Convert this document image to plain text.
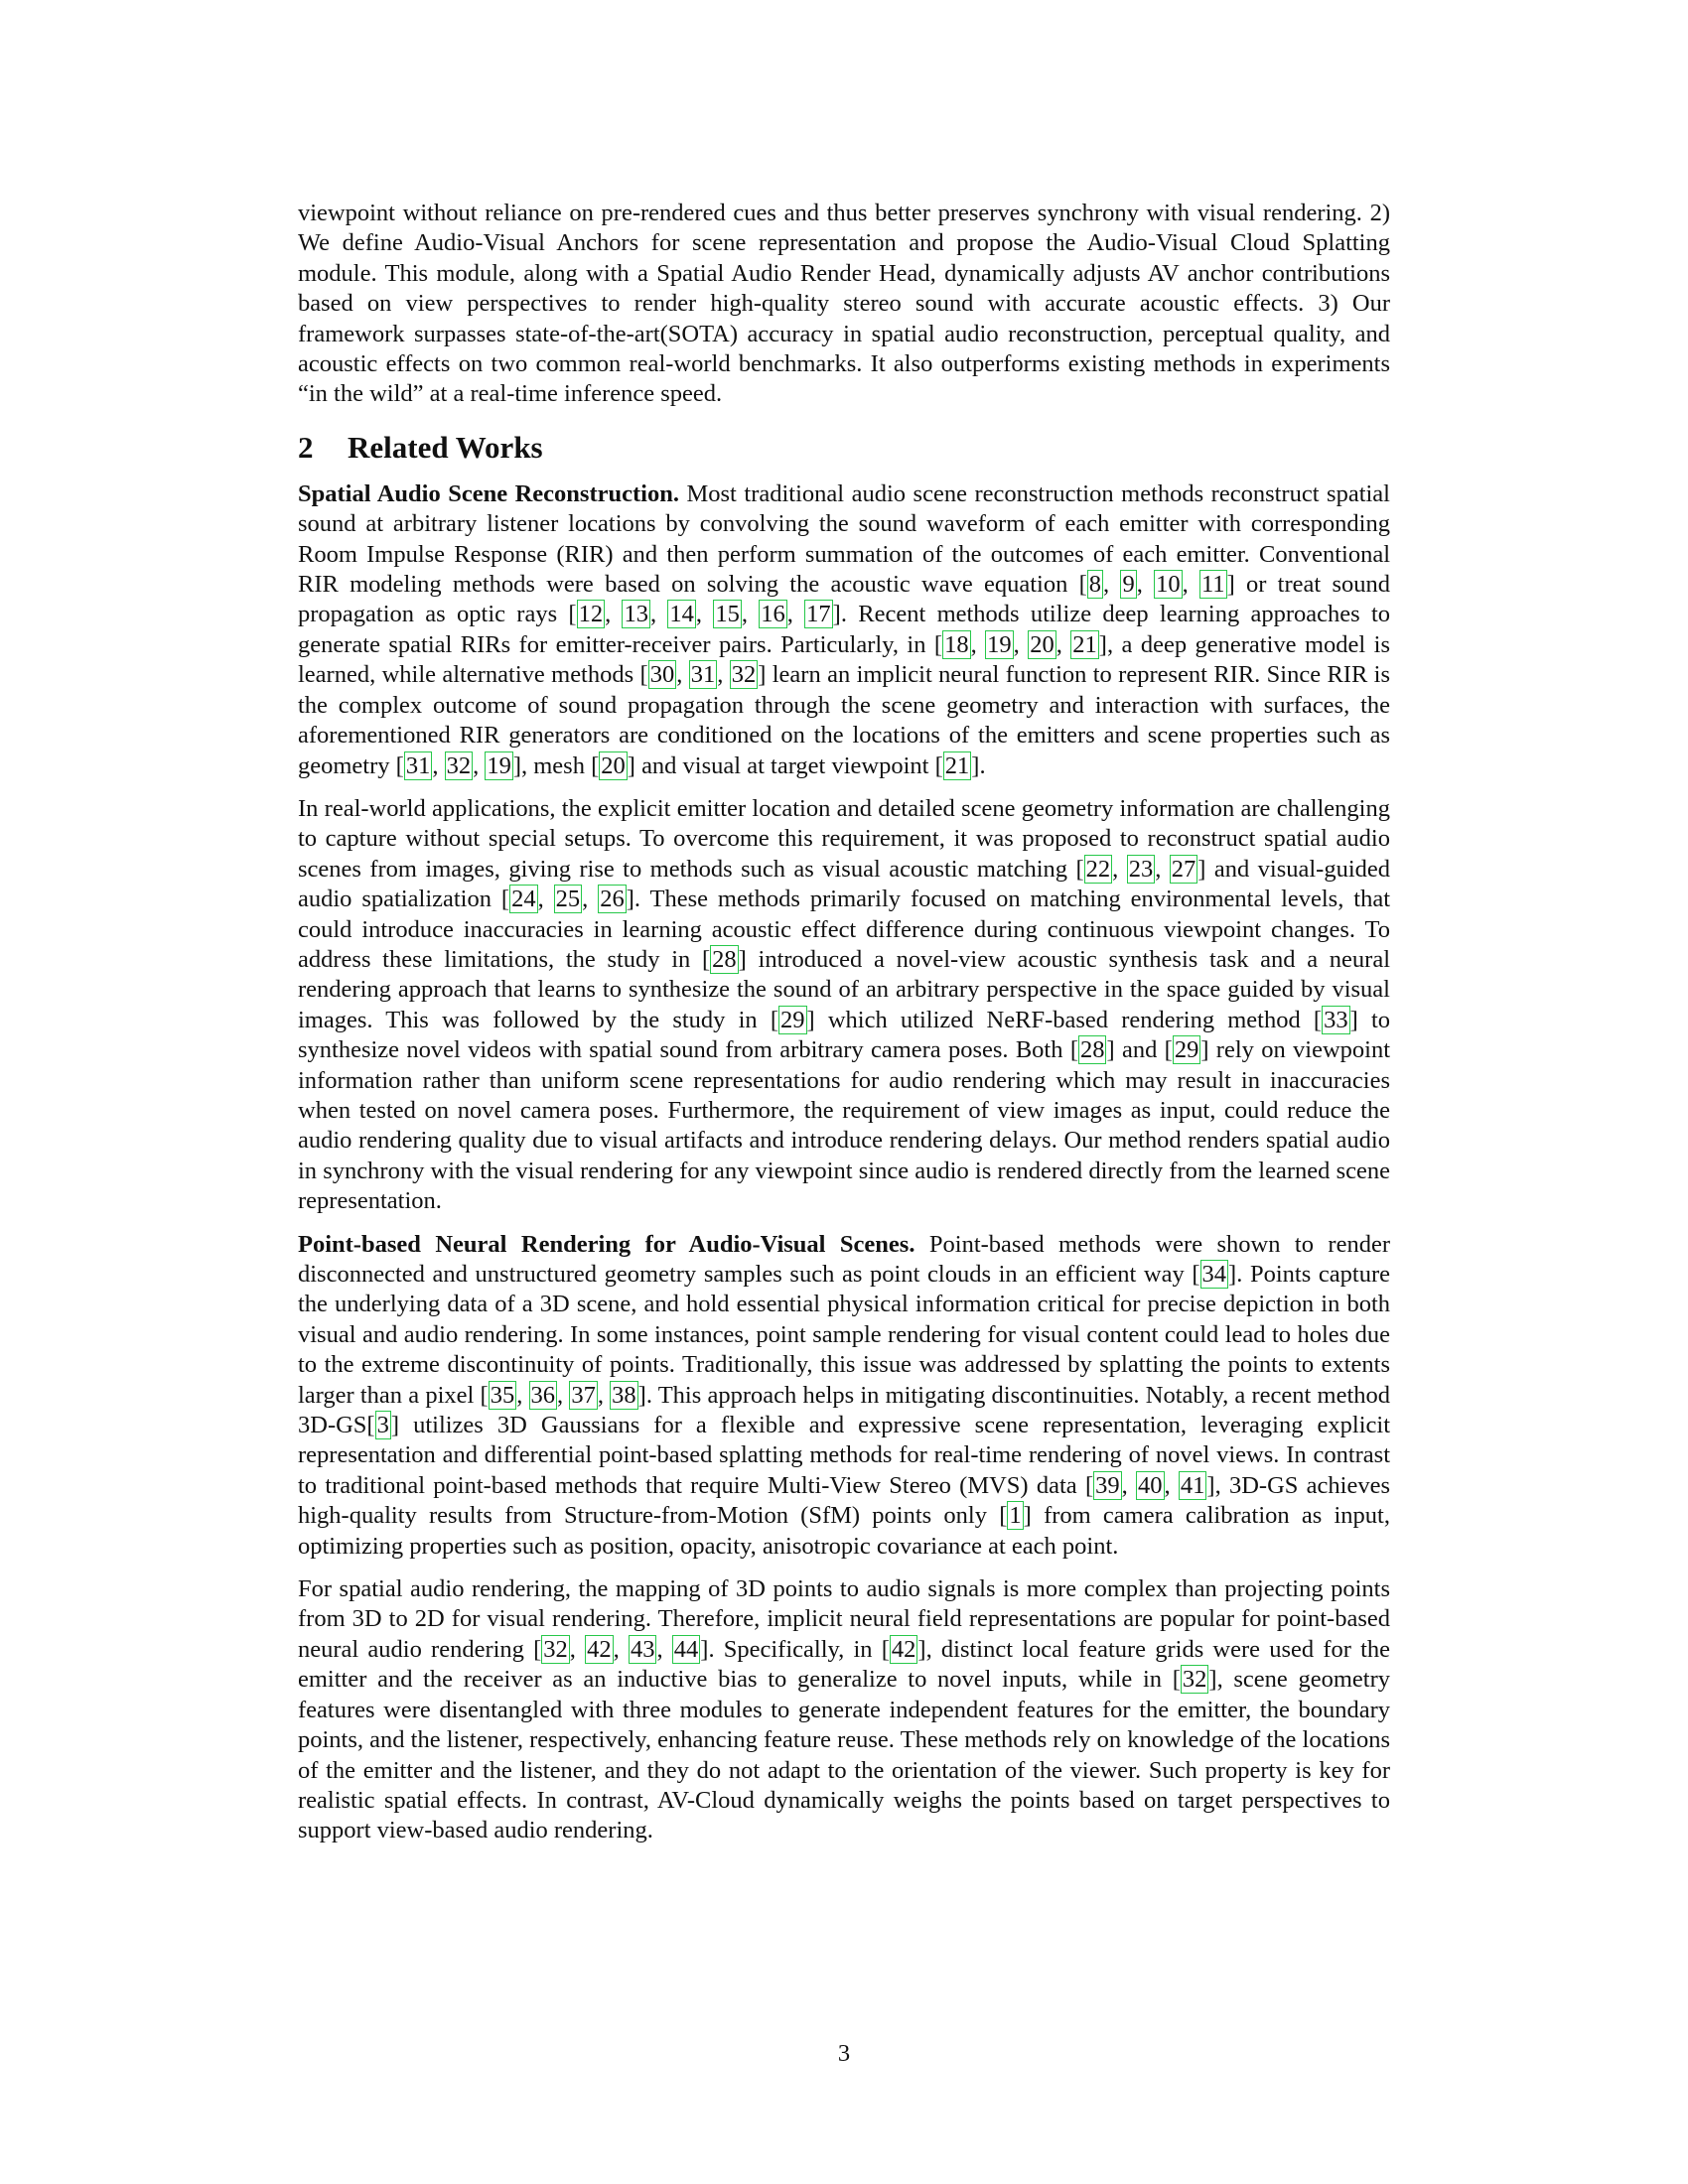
viewpoint without reliance on pre-rendered cues and thus better preserves synchrony with visual rendering. 2) We define Audio-Visual Anchors for scene representation and propose the Audio-Visual Cloud Splatting module. This module, along with a Spatial Audio Render Head, dynamically adjusts AV anchor contributions based on view perspectives to render high-quality stereo sound with accurate acoustic effects. 3) Our framework surpasses state-of-the-art(SOTA) accuracy in spatial audio reconstruction, perceptual quality, and acoustic effects on two common real-world benchmarks. It also outperforms existing methods in experiments “in the wild” at a real-time inference speed.

2 Related Works

Spatial Audio Scene Reconstruction. Most traditional audio scene reconstruction methods reconstruct spatial sound at arbitrary listener locations by convolving the sound waveform of each emitter with corresponding Room Impulse Response (RIR) and then perform summation of the outcomes of each emitter. Conventional RIR modeling methods were based on solving the acoustic wave equation [8, 9, 10, 11] or treat sound propagation as optic rays [12, 13, 14, 15, 16, 17]. Recent methods utilize deep learning approaches to generate spatial RIRs for emitter-receiver pairs. Particularly, in [18, 19, 20, 21], a deep generative model is learned, while alternative methods [30, 31, 32] learn an implicit neural function to represent RIR. Since RIR is the complex outcome of sound propagation through the scene geometry and interaction with surfaces, the aforementioned RIR generators are conditioned on the locations of the emitters and scene properties such as geometry [31, 32, 19], mesh [20] and visual at target viewpoint [21].

In real-world applications, the explicit emitter location and detailed scene geometry information are challenging to capture without special setups. To overcome this requirement, it was proposed to reconstruct spatial audio scenes from images, giving rise to methods such as visual acoustic matching [22, 23, 27] and visual-guided audio spatialization [24, 25, 26]. These methods primarily focused on matching environmental levels, that could introduce inaccuracies in learning acoustic effect difference during continuous viewpoint changes. To address these limitations, the study in [28] introduced a novel-view acoustic synthesis task and a neural rendering approach that learns to synthesize the sound of an arbitrary perspective in the space guided by visual images. This was followed by the study in [29] which utilized NeRF-based rendering method [33] to synthesize novel videos with spatial sound from arbitrary camera poses. Both [28] and [29] rely on viewpoint information rather than uniform scene representations for audio rendering which may result in inaccuracies when tested on novel camera poses. Furthermore, the requirement of view images as input, could reduce the audio rendering quality due to visual artifacts and introduce rendering delays. Our method renders spatial audio in synchrony with the visual rendering for any viewpoint since audio is rendered directly from the learned scene representation.

Point-based Neural Rendering for Audio-Visual Scenes. Point-based methods were shown to render disconnected and unstructured geometry samples such as point clouds in an efficient way [34]. Points capture the underlying data of a 3D scene, and hold essential physical information critical for precise depiction in both visual and audio rendering. In some instances, point sample rendering for visual content could lead to holes due to the extreme discontinuity of points. Traditionally, this issue was addressed by splatting the points to extents larger than a pixel [35, 36, 37, 38]. This approach helps in mitigating discontinuities. Notably, a recent method 3D-GS[3] utilizes 3D Gaussians for a flexible and expressive scene representation, leveraging explicit representation and differential point-based splatting methods for real-time rendering of novel views. In contrast to traditional point-based methods that require Multi-View Stereo (MVS) data [39, 40, 41], 3D-GS achieves high-quality results from Structure-from-Motion (SfM) points only [1] from camera calibration as input, optimizing properties such as position, opacity, anisotropic covariance at each point.

For spatial audio rendering, the mapping of 3D points to audio signals is more complex than projecting points from 3D to 2D for visual rendering. Therefore, implicit neural field representations are popular for point-based neural audio rendering [32, 42, 43, 44]. Specifically, in [42], distinct local feature grids were used for the emitter and the receiver as an inductive bias to generalize to novel inputs, while in [32], scene geometry features were disentangled with three modules to generate independent features for the emitter, the boundary points, and the listener, respectively, enhancing feature reuse. These methods rely on knowledge of the locations of the emitter and the listener, and they do not adapt to the orientation of the viewer. Such property is key for realistic spatial effects. In contrast, AV-Cloud dynamically weighs the points based on target perspectives to support view-based audio rendering.

3
